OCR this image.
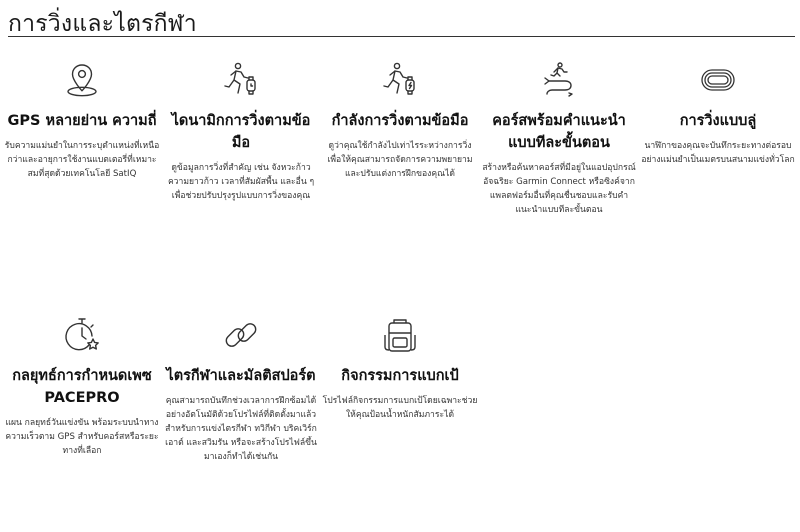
การวิ่งและไตรกีฬา
GPS หลายย่าน ความถี่

รับความแม่นยำในการระบุตำแหน่งที่เหนือกว่าและอายุการใช้งานแบตเตอรี่ที่เหมาะสมที่สุดด้วยเทคโนโลยี SatIQ

ไดนามิกการวิ่งตามข้อมือ

ดูข้อมูลการวิ่งที่สำคัญ เช่น จังหวะก้าว ความยาวก้าว เวลาที่สัมผัสพื้น และอื่น ๆ เพื่อช่วยปรับปรุงรูปแบบการวิ่งของคุณ

กำลังการวิ่งตามข้อมือ

ดูว่าคุณใช้กำลังไปเท่าไรระหว่างการวิ่งเพื่อให้คุณสามารถจัดการความพยายามและปรับแต่งการฝึกของคุณได้

คอร์สพร้อมคำแนะนำแบบทีละขั้นตอน

สร้างหรือค้นหาคอร์สที่มีอยู่ในแอปอุปกรณ์อัจฉริยะ Garmin Connect หรือซิงค์จากแพลตฟอร์มอื่นที่คุณชื่นชอบและรับคำแนะนำแบบทีละขั้นตอน

การวิ่งแบบลู่

นาฬิกาของคุณจะบันทึกระยะทางต่อรอบอย่างแม่นยำเป็นเมตรบนสนามแข่งทั่วโลก

กลยุทธ์การกำหนดเพซ PACEPRO

แผน กลยุทธ์วันแข่งขัน พร้อมระบบนำทางความเร็วตาม GPS สำหรับคอร์สหรือระยะทางที่เลือก

ไตรกีฬาและมัลติสปอร์ต

คุณสามารถบันทึกช่วงเวลาการฝึกซ้อมได้อย่างอัตโนมัติด้วยโปรไฟล์ที่ติดตั้งมาแล้วสำหรับการแข่งไตรกีฬา ทวิกีฬา บริคเวิร์กเอาต์ และสวิมรัน หรือจะสร้างโปรไฟล์ขึ้นมาเองก็ทำได้เช่นกัน

กิจกรรมการแบกเป้

โปรไฟล์กิจกรรมการแบกเป้โดยเฉพาะช่วยให้คุณป้อนน้ำหนักสัมภาระได้
